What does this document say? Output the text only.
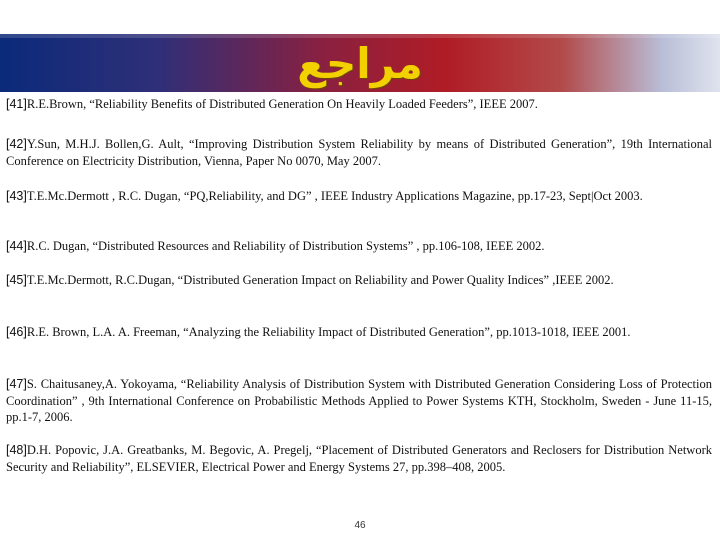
مراجع
[41]R.E.Brown, “Reliability Benefits of Distributed Generation On Heavily Loaded Feeders”, IEEE 2007.
[42]Y.Sun, M.H.J. Bollen,G. Ault, “Improving Distribution System Reliability by means of Distributed Generation”, 19th International Conference on Electricity Distribution, Vienna, Paper No 0070, May 2007.
[43]T.E.Mc.Dermott , R.C. Dugan, “PQ,Reliability, and DG” , IEEE Industry Applications Magazine, pp.17-23, Sept|Oct 2003.
[44]R.C. Dugan, “Distributed Resources and Reliability of Distribution Systems” , pp.106-108, IEEE 2002.
[45]T.E.Mc.Dermott, R.C.Dugan, “Distributed Generation Impact on Reliability and Power Quality Indices” ,IEEE 2002.
[46]R.E. Brown, L.A. A. Freeman, “Analyzing the Reliability Impact of Distributed Generation”, pp.1013-1018, IEEE 2001.
[47]S. Chaitusaney,A. Yokoyama, “Reliability Analysis of Distribution System with Distributed Generation Considering Loss of Protection Coordination” , 9th International Conference on Probabilistic Methods Applied to Power Systems KTH, Stockholm, Sweden - June 11-15, pp.1-7, 2006.
[48]D.H. Popovic, J.A. Greatbanks, M. Begovic, A. Pregelj, “Placement of Distributed Generators and Reclosers for Distribution Network Security and Reliability”, ELSEVIER, Electrical Power and Energy Systems 27, pp.398–408, 2005.
46
